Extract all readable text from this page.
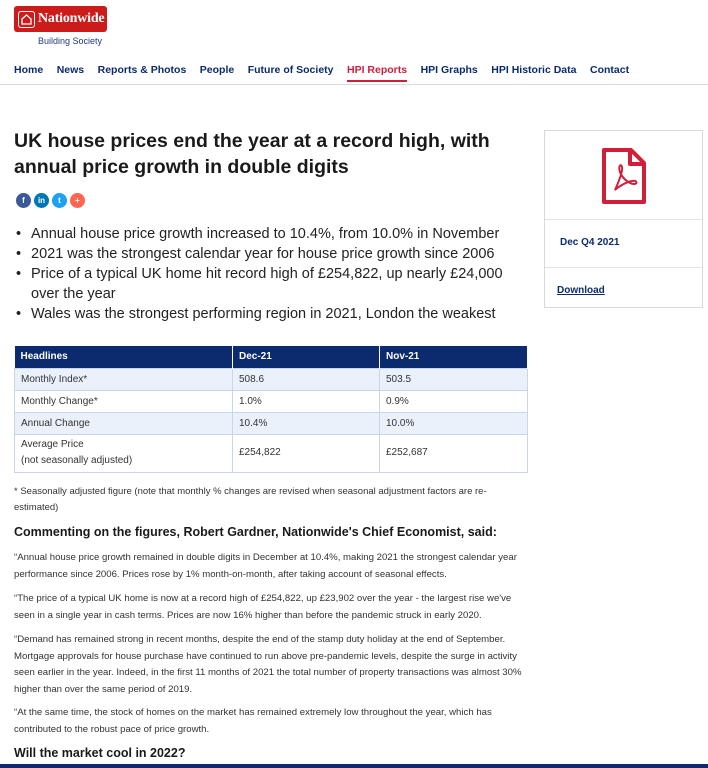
Nationwide
Building Society
Home News Reports & Photos People Future of Society HPI Reports HPI Graphs HPI Historic Data Contact
UK house prices end the year at a record high, with annual price growth in double digits
f	in	t	+
• Annual house price growth increased to 10.4%, from 10.0% in November
• 2021 was the strongest calendar year for house price growth since 2006
• Price of a typical UK home hit record high of £254,822, up nearly £24,000 over the year
• Wales was the strongest performing region in 2021, London the weakest
Headlines	Dec-21	Nov-21
Monthly Index*	508.6	503.5
Monthly Change*	1.0%	0.9%
Annual Change	10.4%	10.0%

Average Price
(not seasonally adjusted)	£254,822	£252,687

* Seasonally adjusted figure (note that monthly % changes are revised when seasonal adjustment factors are re-estimated)

Commenting on the figures, Robert Gardner, Nationwide's Chief Economist, said:

“Annual house price growth remained in double digits in December at 10.4%, making 2021 the strongest calendar year performance since 2006. Prices rose by 1% month-on-month, after taking account of seasonal effects.

“The price of a typical UK home is now at a record high of £254,822, up £23,902 over the year - the largest rise we've seen in a single year in cash terms. Prices are now 16% higher than before the pandemic struck in early 2020.

“Demand has remained strong in recent months, despite the end of the stamp duty holiday at the end of September. Mortgage approvals for house purchase have continued to run above pre-pandemic levels, despite the surge in activity seen earlier in the year. Indeed, in the first 11 months of 2021 the total number of property transactions was almost 30% higher than over the same period of 2019.

“At the same time, the stock of homes on the market has remained extremely low throughout the year, which has contributed to the robust pace of price growth.

Will the market cool in 2022?
Dec Q4 2021
Download
